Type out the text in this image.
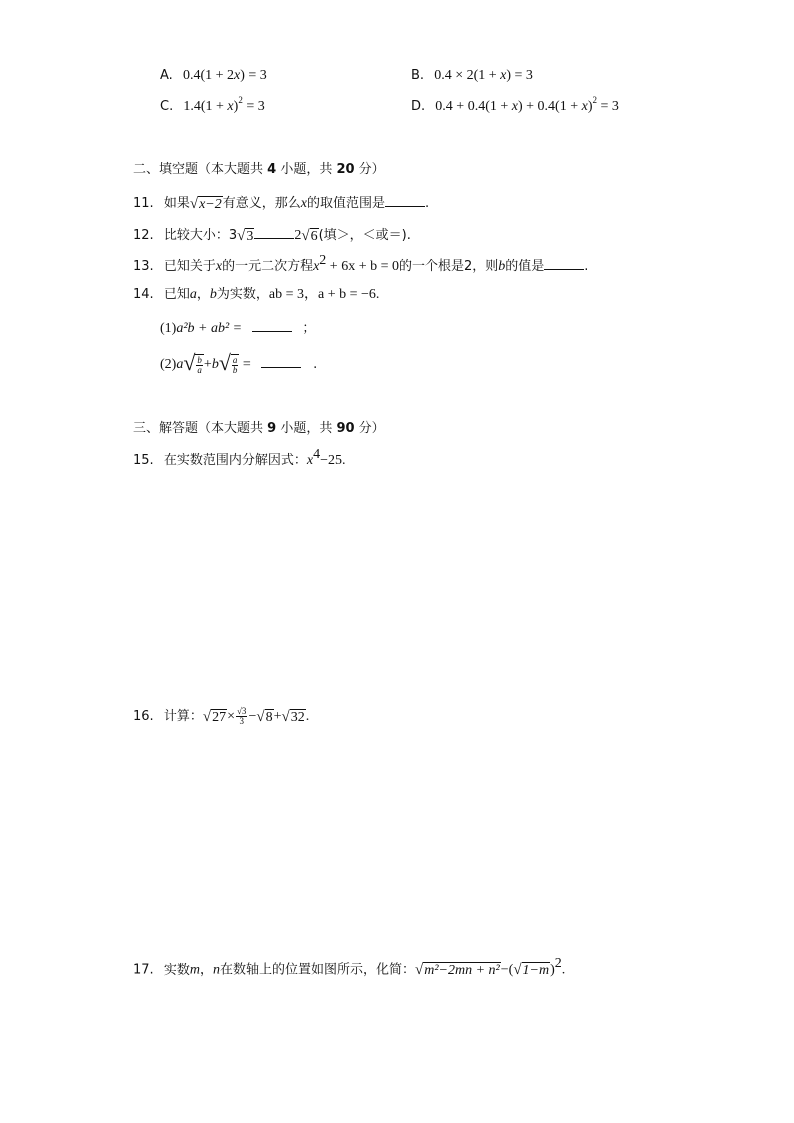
A. 0.4(1 + 2x) = 3	B. 0.4 × 2(1 + x) = 3
C. $1.4(1 + x)^2 = 3$	D. $0.4 + 0.4(1 + x) + 0.4(1 + x)^2 = 3$
二、填空题（本大题共 4 小题，共 20 分）
11. 如果 √ x−2 有意义，那么x的取值范围是	.
12. 比较大小：3 √ 3	2 √ 6 (填＞，＜或＝).
13. 已知关于x的一元二次方程$x^2 + 6x + b = 0$的一个根是2，则b的值是	.
14. 已知a，b为实数，ab = 3，a + b = −6.
(1)a²b + ab² =	；
(2)a √ $\frac{b}{a} +b$ √ $\frac{a}{b}$ =	.
三、解答题（本大题共 9 小题，共 90 分）
15. 在实数范围内分解因式：$x^4-25$.
16. 计算： √ $27 \times \frac{√3}{3}$ − √ 8 + √ 32 .
17. 实数m，n在数轴上的位置如图所示，化简： √ m²−2mn + n² −( √ 1−m )$^2$.
